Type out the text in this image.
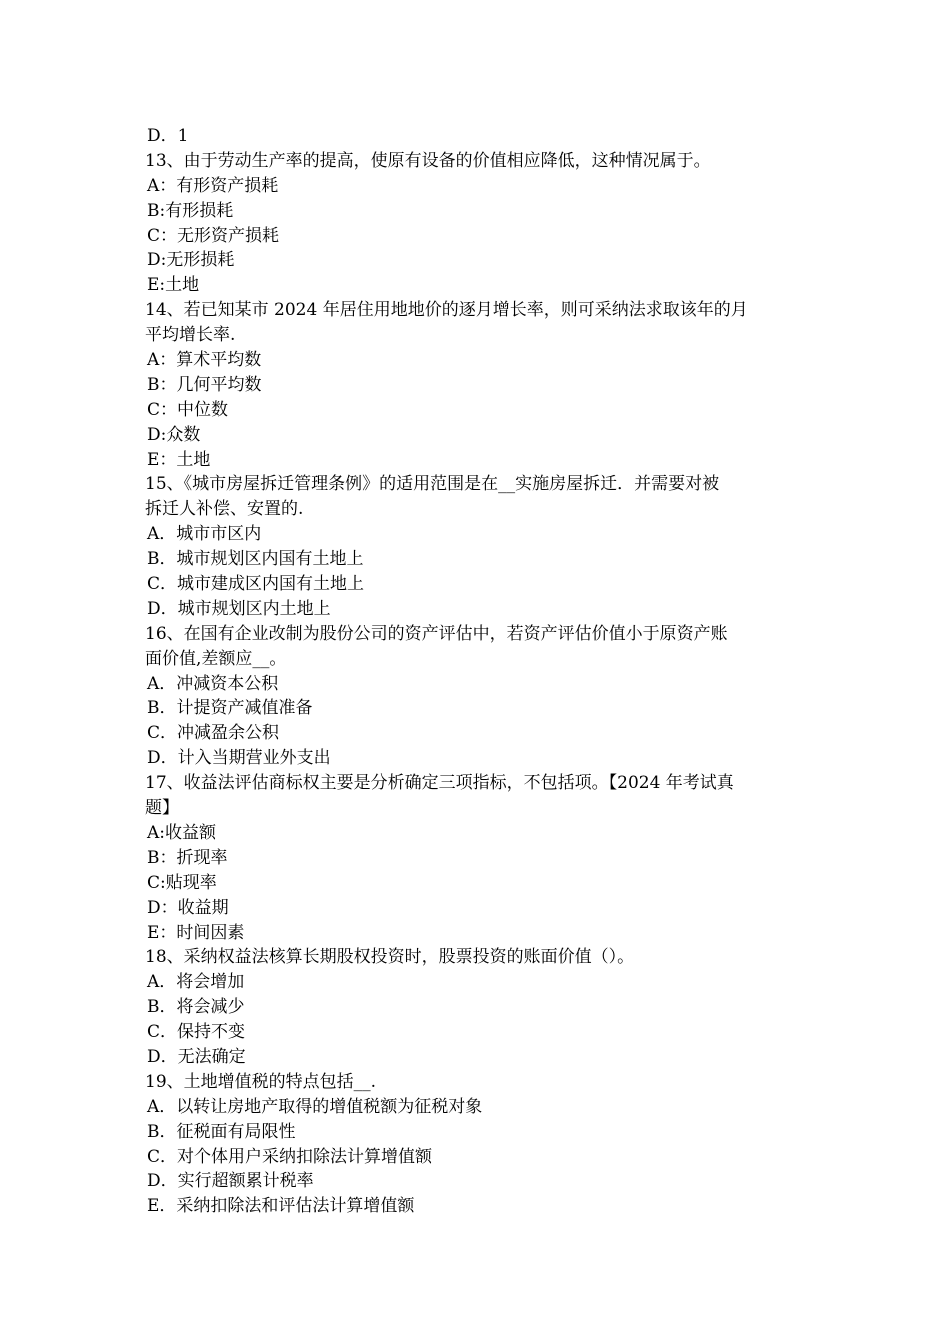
D．1
13、由于劳动生产率的提高，使原有设备的价值相应降低，这种情况属于。
A：有形资产损耗
B:有形损耗
C：无形资产损耗
D:无形损耗
E:土地
14、若已知某市 2024 年居住用地地价的逐月增长率，则可采纳法求取该年的月
平均增长率.
A：算术平均数
B：几何平均数
C：中位数
D:众数
E：土地
15、《城市房屋拆迁管理条例》的适用范围是在__实施房屋拆迁．并需要对被
拆迁人补偿、安置的.
A．城市市区内
B．城市规划区内国有土地上
C．城市建成区内国有土地上
D．城市规划区内土地上
16、在国有企业改制为股份公司的资产评估中，若资产评估价值小于原资产账
面价值,差额应__。
A．冲减资本公积
B．计提资产减值准备
C．冲减盈余公积
D．计入当期营业外支出
17、收益法评估商标权主要是分析确定三项指标，不包括项。【2024 年考试真
题】
A:收益额
B：折现率
C:贴现率
D：收益期
E：时间因素
18、采纳权益法核算长期股权投资时，股票投资的账面价值（）。
A．将会增加
B．将会减少
C．保持不变
D．无法确定
19、土地增值税的特点包括__.
A．以转让房地产取得的增值税额为征税对象
B．征税面有局限性
C．对个体用户采纳扣除法计算增值额
D．实行超额累计税率
E．采纳扣除法和评估法计算增值额
